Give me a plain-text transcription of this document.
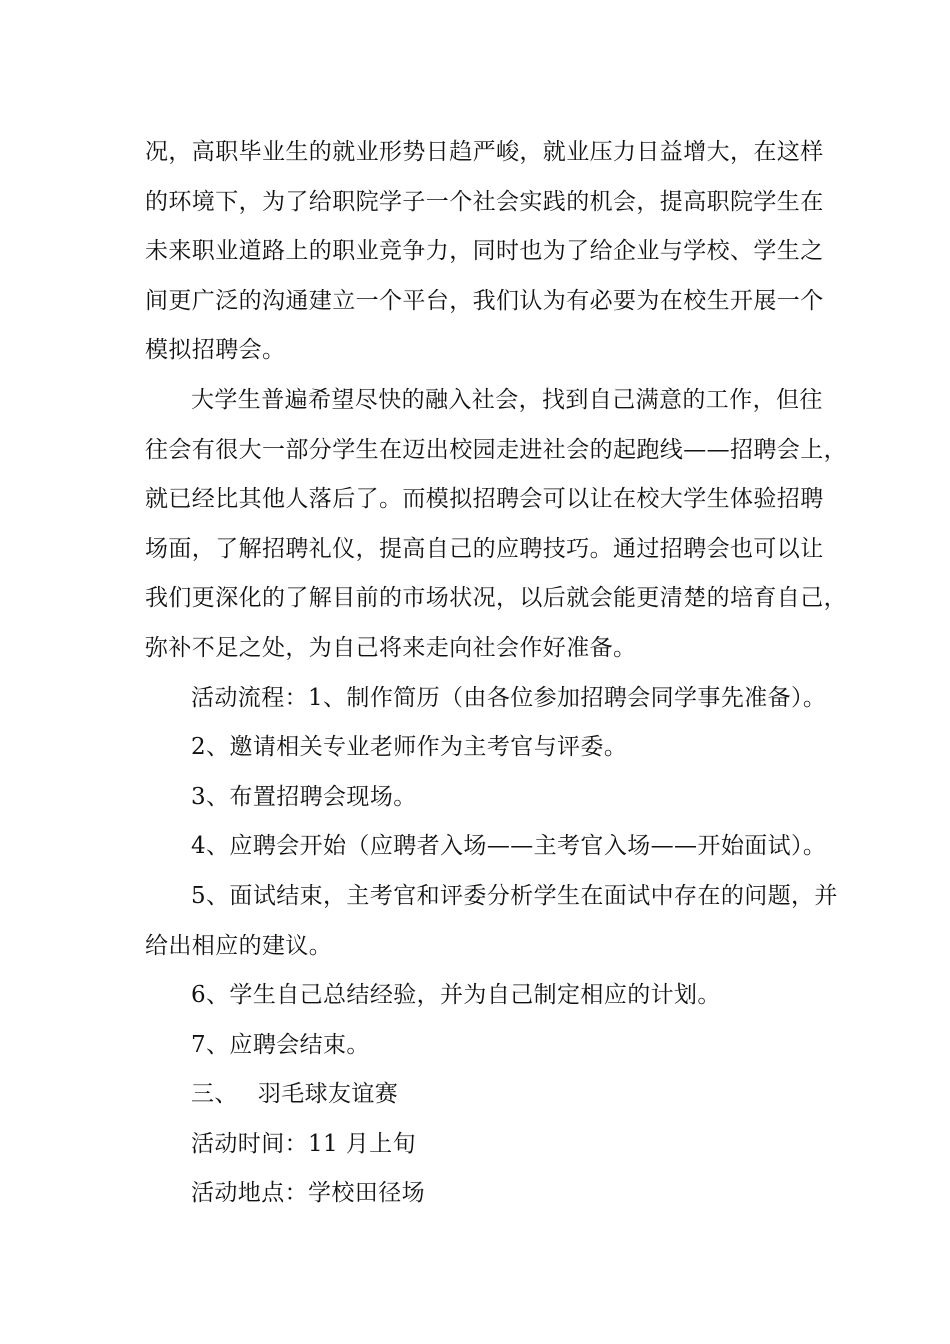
况，高职毕业生的就业形势日趋严峻，就业压力日益增大，在这样
的环境下，为了给职院学子一个社会实践的机会，提高职院学生在
未来职业道路上的职业竞争力，同时也为了给企业与学校、学生之
间更广泛的沟通建立一个平台，我们认为有必要为在校生开展一个
模拟招聘会。
大学生普遍希望尽快的融入社会，找到自己满意的工作，但往
往会有很大一部分学生在迈出校园走进社会的起跑线——招聘会上，
就已经比其他人落后了。而模拟招聘会可以让在校大学生体验招聘
场面，了解招聘礼仪，提高自己的应聘技巧。通过招聘会也可以让
我们更深化的了解目前的市场状况，以后就会能更清楚的培育自己，
弥补不足之处，为自己将来走向社会作好准备。
活动流程：1、制作简历（由各位参加招聘会同学事先准备）。
2、邀请相关专业老师作为主考官与评委。
3、布置招聘会现场。
4、应聘会开始（应聘者入场——主考官入场——开始面试）。
5、面试结束，主考官和评委分析学生在面试中存在的问题，并
给出相应的建议。
6、学生自己总结经验，并为自己制定相应的计划。
7、应聘会结束。
三、 羽毛球友谊赛
活动时间：11 月上旬
活动地点：学校田径场
